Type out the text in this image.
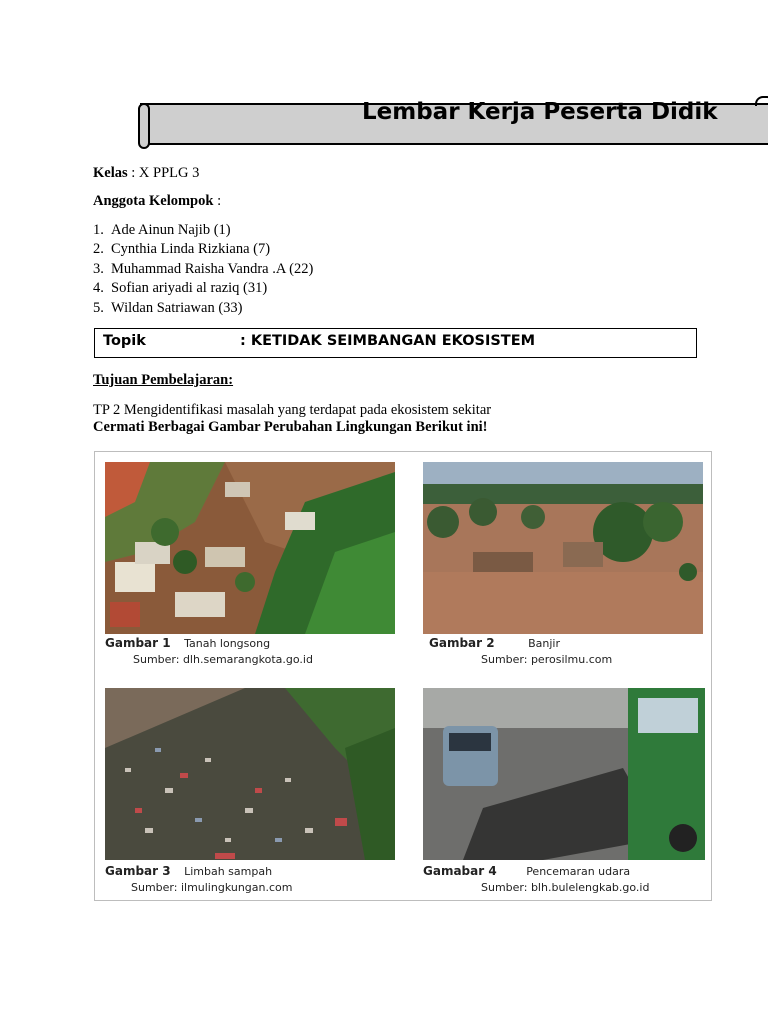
Lembar Kerja Peserta Didik
Kelas : X PPLG 3
Anggota Kelompok :
1. Ade Ainun Najib (1)
2. Cynthia Linda Rizkiana (7)
3. Muhammad Raisha Vandra .A (22)
4. Sofian ariyadi al raziq (31)
5. Wildan Satriawan (33)
Topik	: KETIDAK SEIMBANGAN EKOSISTEM
Tujuan Pembelajaran:
TP 2 Mengidentifikasi masalah yang terdapat pada ekosistem sekitar
Cermati Berbagai Gambar Perubahan Lingkungan Berikut ini!
Gambar 1 Tanah longsong
Sumber: dlh.semarangkota.go.id
Gambar 2	Banjir
Sumber: perosilmu.com
Gambar 3 Limbah sampah
Sumber: ilmulingkungan.com
Gamabar 4	Pencemaran udara
Sumber: blh.bulelengkab.go.id
